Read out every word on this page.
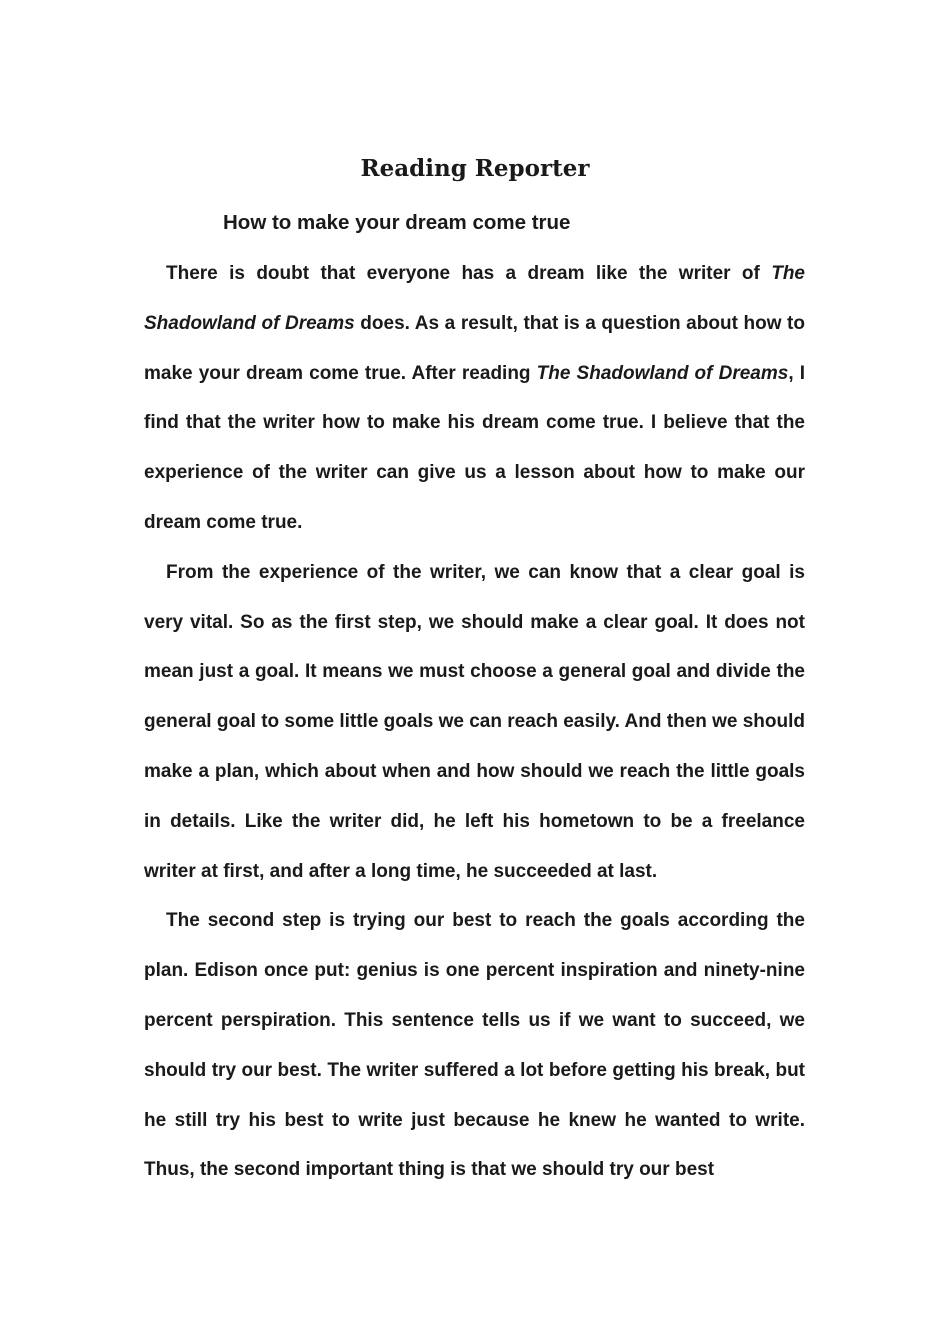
Reading Reporter
How to make your dream come true

There is doubt that everyone has a dream like the writer of The Shadowland of Dreams does. As a result, that is a question about how to make your dream come true. After reading The Shadowland of Dreams, I find that the writer how to make his dream come true. I believe that the experience of the writer can give us a lesson about how to make our dream come true.

From the experience of the writer, we can know that a clear goal is very vital. So as the first step, we should make a clear goal. It does not mean just a goal. It means we must choose a general goal and divide the general goal to some little goals we can reach easily. And then we should make a plan, which about when and how should we reach the little goals in details. Like the writer did, he left his hometown to be a freelance writer at first, and after a long time, he succeeded at last.

The second step is trying our best to reach the goals according the plan. Edison once put: genius is one percent inspiration and ninety-nine percent perspiration. This sentence tells us if we want to succeed, we should try our best. The writer suffered a lot before getting his break, but he still try his best to write just because he knew he wanted to write. Thus, the second important thing is that we should try our best
